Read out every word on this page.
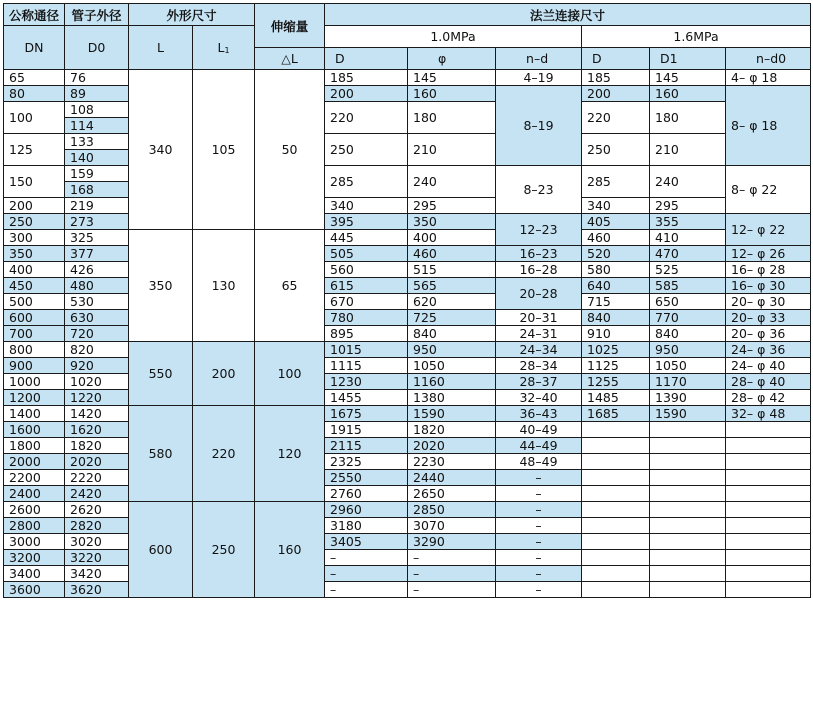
公称通径	管子外径	外形尺寸		伸缩量	法兰连接尺寸					
DN	D0	L	$L_1$		1.0MPa			1.6MPa		
				△L	D	φ	n–d	D	D1	n–d0
65	76	340	105	50	185	145	4–19	185	145	4– φ 18
80	89				200	160	8–19	200	160	8– φ 18
100	108				220	180		220	180	
	114									
125	133				250	210		250	210	
	140									
150	159				285	240	8–23	285	240	8– φ 22
	168									
200	219				340	295		340	295	
250	273				395	350	12–23	405	355	12– φ 22
300	325	350	130	65	445	400		460	410	
350	377				505	460	16–23	520	470	12– φ 26
400	426				560	515	16–28	580	525	16– φ 28
450	480				615	565	20–28	640	585	16– φ 30
500	530				670	620		715	650	20– φ 30
600	630				780	725	20–31	840	770	20– φ 33
700	720				895	840	24–31	910	840	20– φ 36
800	820	550	200	100	1015	950	24–34	1025	950	24– φ 36
900	920				1115	1050	28–34	1125	1050	24– φ 40
1000	1020				1230	1160	28–37	1255	1170	28– φ 40
1200	1220				1455	1380	32–40	1485	1390	28– φ 42
1400	1420	580	220	120	1675	1590	36–43	1685	1590	32– φ 48
1600	1620				1915	1820	40–49			
1800	1820				2115	2020	44–49			
2000	2020				2325	2230	48–49			
2200	2220				2550	2440	–			
2400	2420				2760	2650	–			
2600	2620	600	250	160	2960	2850	–			
2800	2820				3180	3070	–			
3000	3020				3405	3290	–			
3200	3220				–	–	–			
3400	3420				–	–	–			
3600	3620				–	–	–			
